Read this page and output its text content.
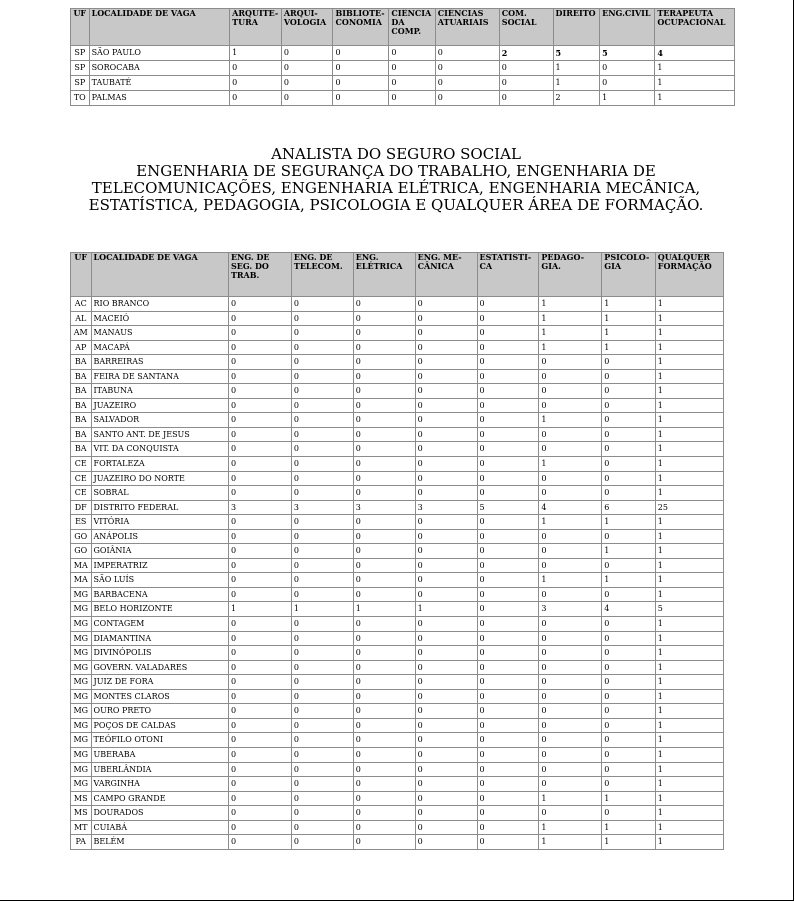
UF	LOCALIDADE DE VAGA	ARQUITE-TURA	ARQUI-VOLOGIA	BIBLIOTE-CONOMIA	CIÊNCIA DA COMP.	CIÊNCIAS ATUARIAIS	COM. SOCIAL	DIREITO	ENG.CIVIL	TERAPEUTA OCUPACIONAL
SP	SÃO PAULO	1	0	0	0	0	2	5	5	4
SP	SOROCABA	0	0	0	0	0	0	1	0	1
SP	TAUBATÉ	0	0	0	0	0	0	1	0	1
TO	PALMAS	0	0	0	0	0	0	2	1	1
ANALISTA DO SEGURO SOCIAL
ENGENHARIA DE SEGURANÇA DO TRABALHO, ENGENHARIA DE
TELECOMUNICAÇÕES, ENGENHARIA ELÉTRICA, ENGENHARIA MECÂNICA,
ESTATÍSTICA, PEDAGOGIA, PSICOLOGIA E QUALQUER ÁREA DE FORMAÇÃO.
UF	LOCALIDADE DE VAGA	ENG. DE SEG. DO TRAB.	ENG. DE TELECOM.	ENG. ELÉTRICA	ENG. ME-CÂNICA	ESTATÍSTI-CA	PEDAGO-GIA.	PSICOLO-GIA	QUALQUER FORMAÇÃO
AC	RIO BRANCO	0	0	0	0	0	1	1	1
AL	MACEIÓ	0	0	0	0	0	1	1	1
AM	MANAUS	0	0	0	0	0	1	1	1
AP	MACAPÁ	0	0	0	0	0	1	1	1
BA	BARREIRAS	0	0	0	0	0	0	0	1
BA	FEIRA DE SANTANA	0	0	0	0	0	0	0	1
BA	ITABUNA	0	0	0	0	0	0	0	1
BA	JUAZEIRO	0	0	0	0	0	0	0	1
BA	SALVADOR	0	0	0	0	0	1	0	1
BA	SANTO ANT. DE JESUS	0	0	0	0	0	0	0	1
BA	VIT. DA CONQUISTA	0	0	0	0	0	0	0	1
CE	FORTALEZA	0	0	0	0	0	1	0	1
CE	JUAZEIRO DO NORTE	0	0	0	0	0	0	0	1
CE	SOBRAL	0	0	0	0	0	0	0	1
DF	DISTRITO FEDERAL	3	3	3	3	5	4	6	25
ES	VITÓRIA	0	0	0	0	0	1	1	1
GO	ANÁPOLIS	0	0	0	0	0	0	0	1
GO	GOIÂNIA	0	0	0	0	0	0	1	1
MA	IMPERATRIZ	0	0	0	0	0	0	0	1
MA	SÃO LUÍS	0	0	0	0	0	1	1	1
MG	BARBACENA	0	0	0	0	0	0	0	1
MG	BELO HORIZONTE	1	1	1	1	0	3	4	5
MG	CONTAGEM	0	0	0	0	0	0	0	1
MG	DIAMANTINA	0	0	0	0	0	0	0	1
MG	DIVINÓPOLIS	0	0	0	0	0	0	0	1
MG	GOVERN. VALADARES	0	0	0	0	0	0	0	1
MG	JUIZ DE FORA	0	0	0	0	0	0	0	1
MG	MONTES CLAROS	0	0	0	0	0	0	0	1
MG	OURO PRETO	0	0	0	0	0	0	0	1
MG	POÇOS DE CALDAS	0	0	0	0	0	0	0	1
MG	TEÓFILO OTONI	0	0	0	0	0	0	0	1
MG	UBERABA	0	0	0	0	0	0	0	1
MG	UBERLÂNDIA	0	0	0	0	0	0	0	1
MG	VARGINHA	0	0	0	0	0	0	0	1
MS	CAMPO GRANDE	0	0	0	0	0	1	1	1
MS	DOURADOS	0	0	0	0	0	0	0	1
MT	CUIABÁ	0	0	0	0	0	1	1	1
PA	BELÉM	0	0	0	0	0	1	1	1
